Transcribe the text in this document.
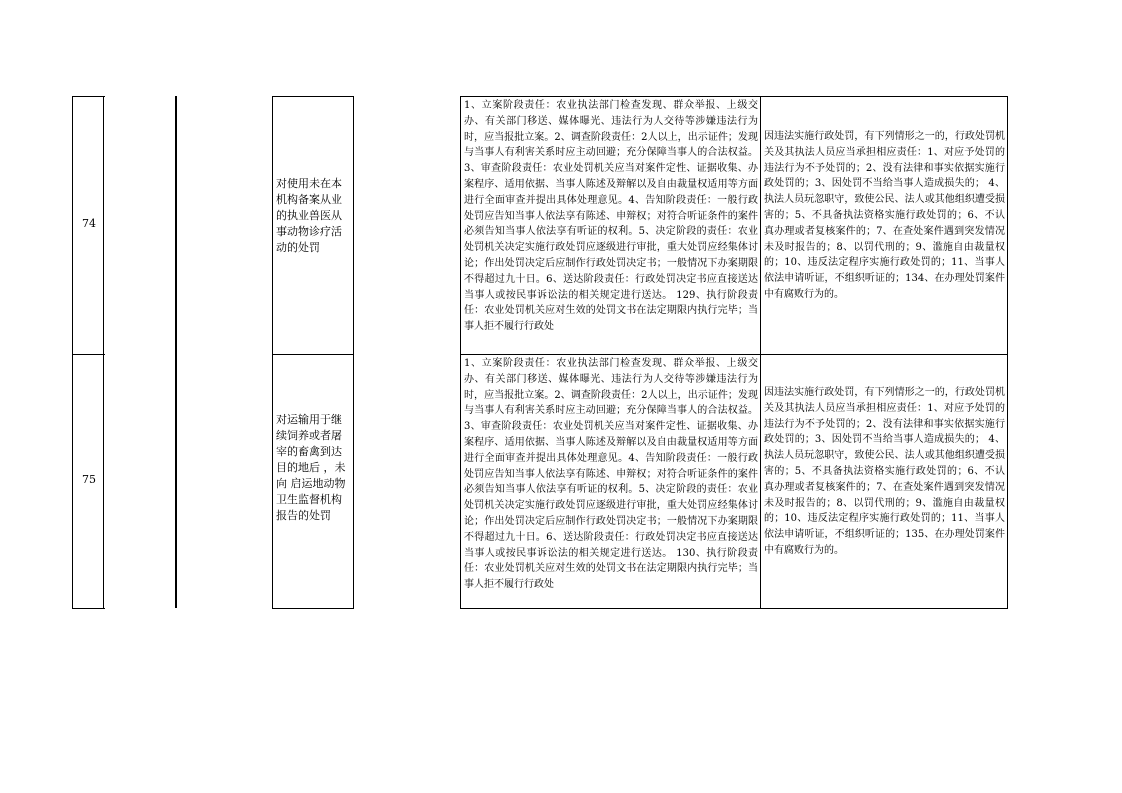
74
对使用未在本机构备案从业的执业兽医从事动物诊疗活动的处罚
1、立案阶段责任：农业执法部门检查发现、群众举报、上级交办、有关部门移送、媒体曝光、违法行为人交待等涉嫌违法行为时，应当报批立案。2、调查阶段责任：2人以上，出示证件；发现与当事人有利害关系时应主动回避；充分保障当事人的合法权益。3、审查阶段责任：农业处罚机关应当对案件定性、证据收集、办案程序、适用依据、当事人陈述及辩解以及自由裁量权适用等方面进行全面审查并提出具体处理意见。4、告知阶段责任：一般行政处罚应告知当事人依法享有陈述、申辩权；对符合听证条件的案件必须告知当事人依法享有听证的权利。5、决定阶段的责任：农业处罚机关决定实施行政处罚应逐级进行审批，重大处罚应经集体讨论；作出处罚决定后应制作行政处罚决定书；一般情况下办案期限不得超过九十日。6、送达阶段责任：行政处罚决定书应直接送达当事人或按民事诉讼法的相关规定进行送达。 129、执行阶段责任：农业处罚机关应对生效的处罚文书在法定期限内执行完毕；当事人拒不履行行政处
因违法实施行政处罚，有下列情形之一的，行政处罚机关及其执法人员应当承担相应责任：1、对应予处罚的违法行为不予处罚的；2、没有法律和事实依据实施行政处罚的；3、因处罚不当给当事人造成损失的； 4、执法人员玩忽职守，致使公民、法人或其他组织遭受损害的；5、不具备执法资格实施行政处罚的；6、不认真办理或者复核案件的；7、在查处案件遇到突发情况未及时报告的；8、以罚代刑的；9、滥施自由裁量权的；10、违反法定程序实施行政处罚的；11、当事人依法申请听证，不组织听证的；134、在办理处罚案件中有腐败行为的。
75
对运输用于继续饲养或者屠宰的畜禽到达 目的地后 ，未向 启运地动物卫生监督机构报告的处罚
1、立案阶段责任：农业执法部门检查发现、群众举报、上级交办、有关部门移送、媒体曝光、违法行为人交待等涉嫌违法行为时，应当报批立案。2、调查阶段责任：2人以上，出示证件；发现与当事人有利害关系时应主动回避；充分保障当事人的合法权益。3、审查阶段责任：农业处罚机关应当对案件定性、证据收集、办案程序、适用依据、当事人陈述及辩解以及自由裁量权适用等方面进行全面审查并提出具体处理意见。4、告知阶段责任：一般行政处罚应告知当事人依法享有陈述、申辩权；对符合听证条件的案件必须告知当事人依法享有听证的权利。5、决定阶段的责任：农业处罚机关决定实施行政处罚应逐级进行审批，重大处罚应经集体讨论；作出处罚决定后应制作行政处罚决定书；一般情况下办案期限不得超过九十日。6、送达阶段责任：行政处罚决定书应直接送达当事人或按民事诉讼法的相关规定进行送达。 130、执行阶段责任：农业处罚机关应对生效的处罚文书在法定期限内执行完毕；当事人拒不履行行政处
因违法实施行政处罚，有下列情形之一的，行政处罚机关及其执法人员应当承担相应责任：1、对应予处罚的违法行为不予处罚的；2、没有法律和事实依据实施行政处罚的；3、因处罚不当给当事人造成损失的； 4、执法人员玩忽职守，致使公民、法人或其他组织遭受损害的；5、不具备执法资格实施行政处罚的；6、不认真办理或者复核案件的；7、在查处案件遇到突发情况未及时报告的；8、以罚代刑的；9、滥施自由裁量权的；10、违反法定程序实施行政处罚的；11、当事人依法申请听证，不组织听证的；135、在办理处罚案件中有腐败行为的。
